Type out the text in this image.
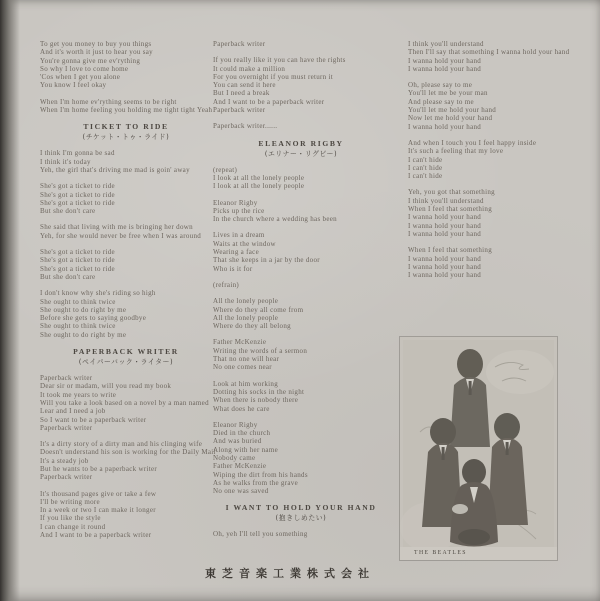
To get you money to buy you things
And it's worth it just to hear you say
You're gonna give me ev'rything
So why I love to come home
'Cos when I get you alone
You know I feel okay
When I'm home ev'rything seems to be right
When I'm home feeling you holding me tight tight Yeah
TICKET TO RIDE
(チケット・トゥ・ライド)
I think I'm gonna be sad
I think it's today
Yeh, the girl that's driving me mad is goin' away
She's got a ticket to ride
She's got a ticket to ride
She's got a ticket to ride
But she don't care
She said that living with me is bringing her down
Yeh, for she would never be free when I was around
She's got a ticket to ride
She's got a ticket to ride
She's got a ticket to ride
But she don't care
I don't know why she's riding so high
She ought to think twice
She ought to do right by me
Before she gets to saying goodbye
She ought to think twice
She ought to do right by me
PAPERBACK WRITER
(ペイパーバック・ライター)
Paperback writer
Dear sir or madam, will you read my book
It took me years to write
Will you take a look based on a novel by a man named
Lear and I need a job
So I want to be a paperback writer
Paperback writer
It's a dirty story of a dirty man and his clinging wife
Doesn't understand his son is working for the Daily Mail
It's a steady job
But he wants to be a paperback writer
Paperback writer
It's thousand pages give or take a few
I'll be writing more
In a week or two I can make it longer
If you like the style
I can change it round
And I want to be a paperback writer
Paperback writer
If you really like it you can have the rights
It could make a million
For you overnight if you must return it
You can send it here
But I need a break
And I want to be a paperback writer
Paperback writer
Paperback writer......
ELEANOR RIGBY
(エリナー・リグビー)
(repeat)
I look at all the lonely people
I look at all the lonely people
Eleanor Rigby
Picks up the rice
In the church where a wedding has been
Lives in a dream
Waits at the window
Wearing a face
That she keeps in a jar by the door
Who is it for
(refrain)
All the lonely people
Where do they all come from
All the lonely people
Where do they all belong
Father McKenzie
Writing the words of a sermon
That no one will hear
No one comes near
Look at him working
Dotting his socks in the night
When there is nobody there
What does he care
Eleanor Rigby
Died in the church
And was buried
Along with her name
Nobody came
Father McKenzie
Wiping the dirt from his hands
As he walks from the grave
No one was saved
I WANT TO HOLD YOUR HAND
(抱きしめたい)
Oh, yeh I'll tell you something
I think you'll understand
Then I'll say that something I wanna hold your hand
I wanna hold your hand
I wanna hold your hand
Oh, please say to me
You'll let me be your man
And please say to me
You'll let me hold your hand
Now let me hold your hand
I wanna hold your hand
And when I touch you I feel happy inside
It's such a feeling that my love
I can't hide
I can't hide
I can't hide
Yeh, you got that something
I think you'll understand
When I feel that something
I wanna hold your hand
I wanna hold your hand
I wanna hold your hand
When I feel that something
I wanna hold your hand
I wanna hold your hand
I wanna hold your hand
THE BEATLES
東芝音楽工業株式会社
